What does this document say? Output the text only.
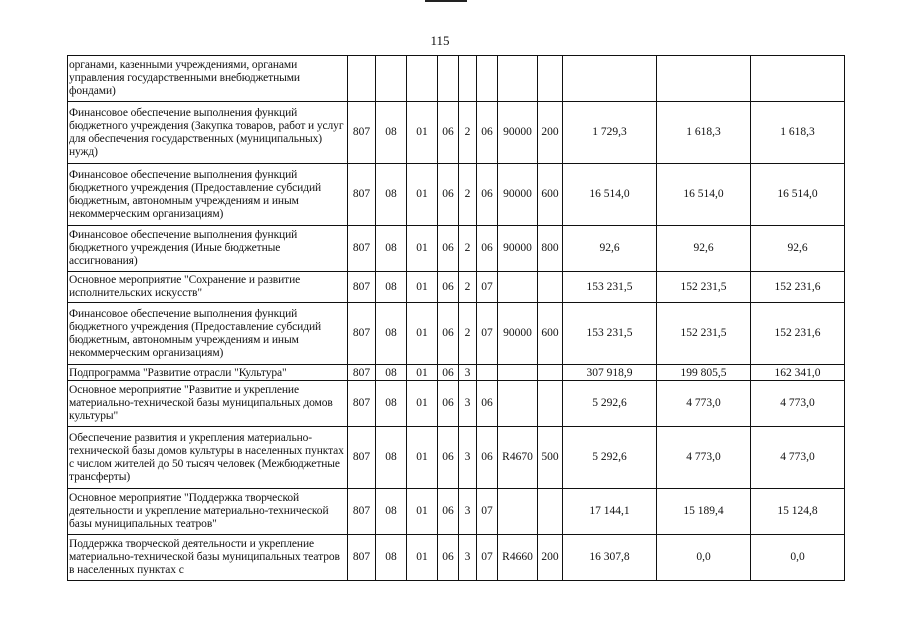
115
органами, казенными учреждениями, органами управления государственными внебюджетными фондами)											
Финансовое обеспечение выполнения функций бюджетного учреждения (Закупка товаров, работ и услуг для обеспечения государственных (муниципальных) нужд)	807	08	01	06	2	06	90000	200	1 729,3	1 618,3	1 618,3
Финансовое обеспечение выполнения функций бюджетного учреждения (Предоставление субсидий бюджетным, автономным учреждениям и иным некоммерческим организациям)	807	08	01	06	2	06	90000	600	16 514,0	16 514,0	16 514,0
Финансовое обеспечение выполнения функций бюджетного учреждения (Иные бюджетные ассигнования)	807	08	01	06	2	06	90000	800	92,6	92,6	92,6
Основное мероприятие "Сохранение и развитие исполнительских искусств"	807	08	01	06	2	07			153 231,5	152 231,5	152 231,6
Финансовое обеспечение выполнения функций бюджетного учреждения (Предоставление субсидий бюджетным, автономным учреждениям и иным некоммерческим организациям)	807	08	01	06	2	07	90000	600	153 231,5	152 231,5	152 231,6
Подпрограмма "Развитие отрасли "Культура"	807	08	01	06	3				307 918,9	199 805,5	162 341,0
Основное мероприятие "Развитие и укрепление материально-технической базы муниципальных домов культуры"	807	08	01	06	3	06			5 292,6	4 773,0	4 773,0
Обеспечение развития и укрепления материально-технической базы домов культуры в населенных пунктах с числом жителей до 50 тысяч человек (Межбюджетные трансферты)	807	08	01	06	3	06	R4670	500	5 292,6	4 773,0	4 773,0
Основное мероприятие "Поддержка творческой деятельности и укрепление материально-технической базы муниципальных театров"	807	08	01	06	3	07			17 144,1	15 189,4	15 124,8
Поддержка творческой деятельности и укрепление материально-технической базы муниципальных театров в населенных пунктах с	807	08	01	06	3	07	R4660	200	16 307,8	0,0	0,0
